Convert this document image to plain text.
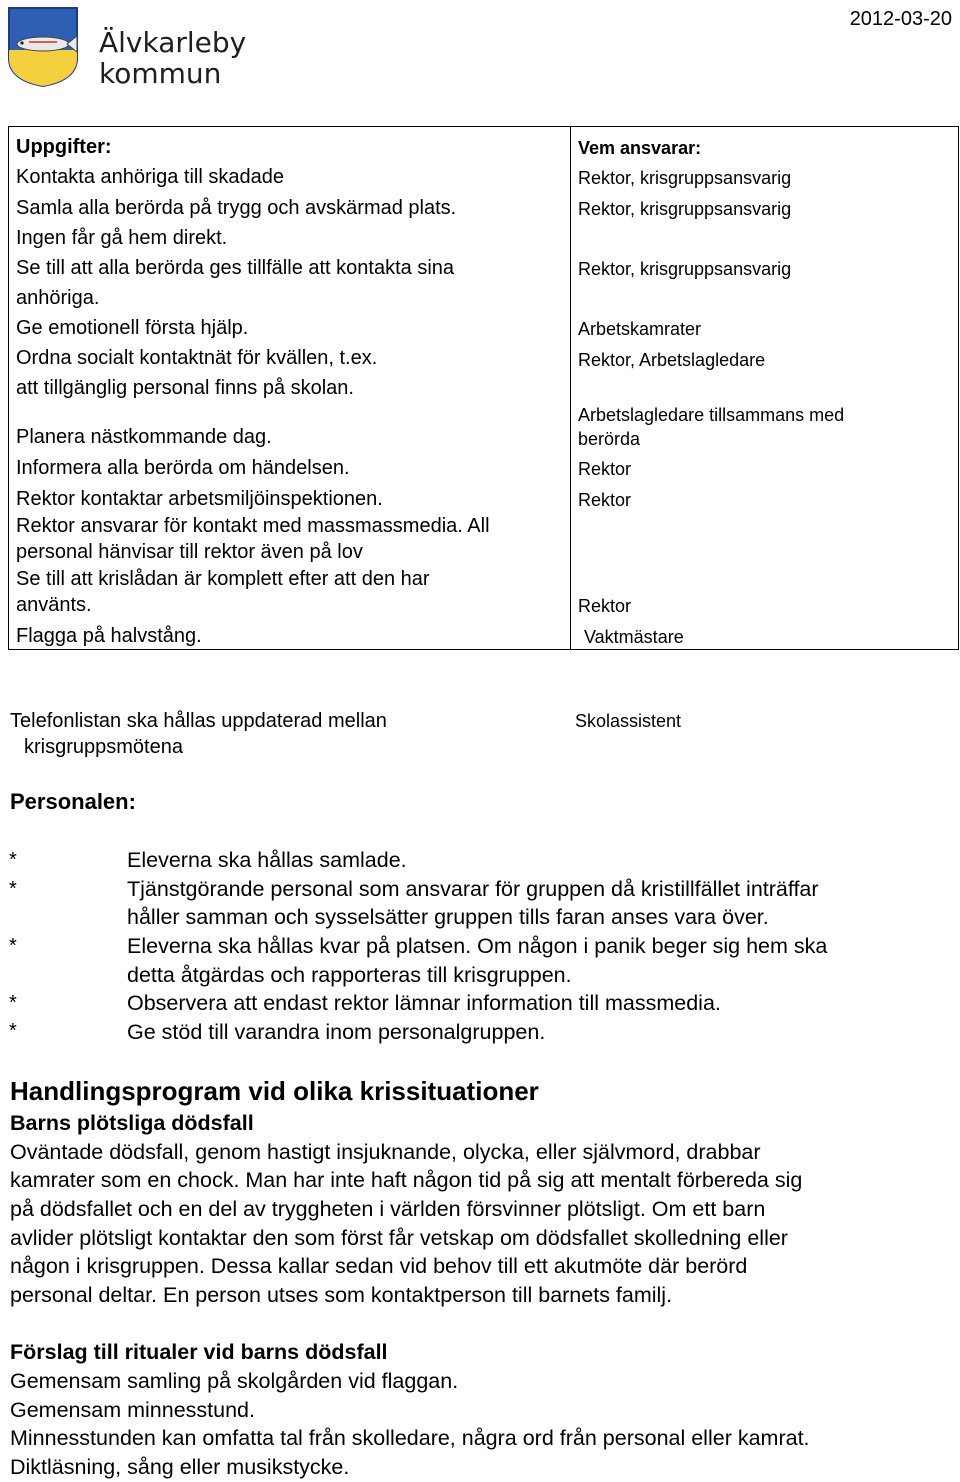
Älvkarleby
kommun
2012-03-20
Uppgifter:
Kontakta anhöriga till skadade
Samla alla berörda på trygg och avskärmad plats.
Ingen får gå hem direkt.
Se till att alla berörda ges tillfälle att kontakta sina
anhöriga.
Ge emotionell första hjälp.
Ordna socialt kontaktnät för kvällen, t.ex.
att tillgänglig personal finns på skolan.
Planera nästkommande dag.
Informera alla berörda om händelsen.
Rektor kontaktar arbetsmiljöinspektionen.
Rektor ansvarar för kontakt med massmassmedia. All
personal hänvisar till rektor även på lov
Se till att krislådan är komplett efter att den har
använts.
Flagga på halvstång.
Vem ansvarar:
Rektor, krisgruppsansvarig
Rektor, krisgruppsansvarig
Rektor, krisgruppsansvarig
Arbetskamrater
Rektor, Arbetslagledare
Arbetslagledare tillsammans med
berörda
Rektor
Rektor
Rektor
Vaktmästare
Telefonlistan ska hållas uppdaterad mellan
krisgruppsmötena
Skolassistent
Personalen:
*
*
*
*
*
Eleverna ska hållas samlade.
Tjänstgörande personal som ansvarar för gruppen då kristillfället inträffar
håller samman och sysselsätter gruppen tills faran anses vara över.
Eleverna ska hållas kvar på platsen. Om någon i panik beger sig hem ska
detta åtgärdas och rapporteras till krisgruppen.
Observera att endast rektor lämnar information till massmedia.
Ge stöd till varandra inom personalgruppen.
Handlingsprogram vid olika krissituationer
Barns plötsliga dödsfall
Oväntade dödsfall, genom hastigt insjuknande, olycka, eller självmord, drabbar
kamrater som en chock. Man har inte haft någon tid på sig att mentalt förbereda sig
på dödsfallet och en del av tryggheten i världen försvinner plötsligt. Om ett barn
avlider plötsligt kontaktar den som först får vetskap om dödsfallet skolledning eller
någon i krisgruppen. Dessa kallar sedan vid behov till ett akutmöte där berörd
personal deltar. En person utses som kontaktperson till barnets familj.
Förslag till ritualer vid barns dödsfall
Gemensam samling på skolgården vid flaggan.
Gemensam minnesstund.
Minnesstunden kan omfatta tal från skolledare, några ord från personal eller kamrat.
Diktläsning, sång eller musikstycke.
